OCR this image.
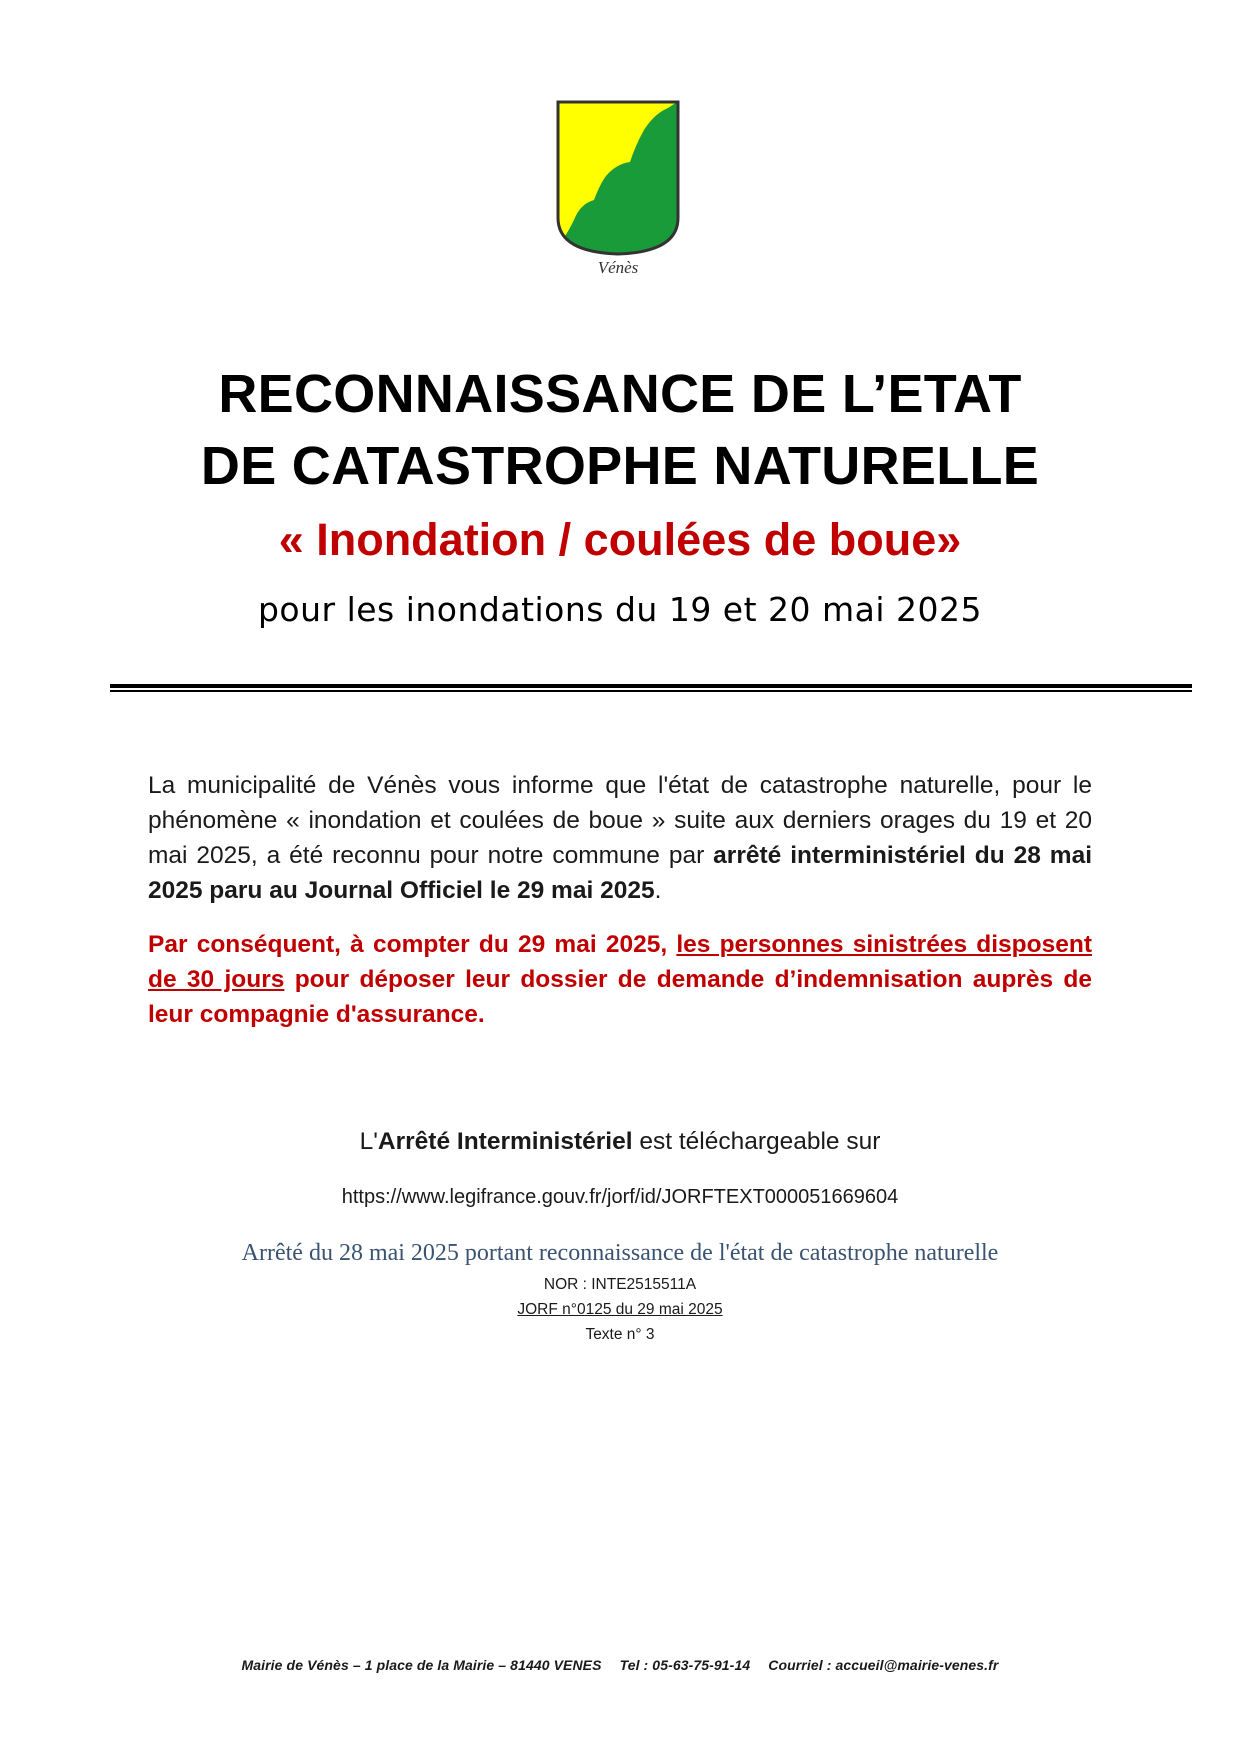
Vénès
RECONNAISSANCE DE L’ETAT
DE CATASTROPHE NATURELLE
« Inondation / coulées de boue»
pour les inondations du 19 et 20 mai 2025

La municipalité de Vénès vous informe que l'état de catastrophe naturelle, pour le phénomène « inondation et coulées de boue » suite aux derniers orages du 19 et 20 mai 2025, a été reconnu pour notre commune par arrêté interministériel du 28 mai 2025 paru au Journal Officiel le 29 mai 2025.

Par conséquent, à compter du 29 mai 2025, les personnes sinistrées disposent de 30 jours pour déposer leur dossier de demande d’indemnisation auprès de leur compagnie d'assurance.

L'Arrêté Interministériel est téléchargeable sur
https://www.legifrance.gouv.fr/jorf/id/JORFTEXT000051669604
Arrêté du 28 mai 2025 portant reconnaissance de l'état de catastrophe naturelle
NOR : INTE2515511A
JORF n°0125 du 29 mai 2025
Texte n° 3
Mairie de Vénès – 1 place de la Mairie – 81440 VENES Tel : 05-63-75-91-14 Courriel : accueil@mairie-venes.fr
